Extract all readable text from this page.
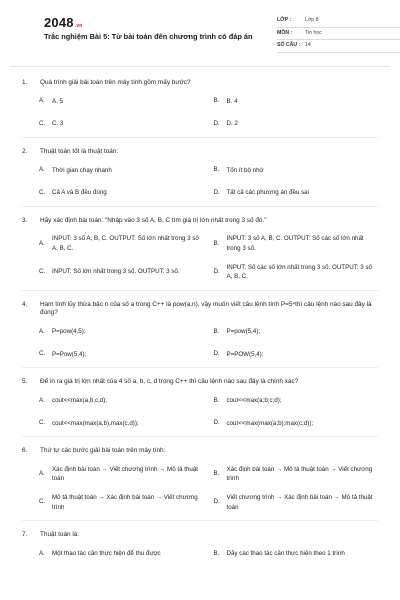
2048.vn
Trắc nghiệm Bài 5: Từ bài toán đến chương trình có đáp án
LỚP :	Lớp 8
MÔN :	Tin học
SỐ CÂU : 14
1.	Quá trình giải bài toán trên máy tính gồm mấy bước?
A.	A. 5	B.	B. 4
C.	C. 3	D.	D. 2
2.	Thuật toán tốt là thuật toán:
A.	Thời gian chạy nhanh	B.	Tốn ít bộ nhớ
C.	Cả A và B đều đúng	D.	Tất cả các phương án đều sai
3.	Hãy xác định bài toán: "Nhập vào 3 số A, B, C tìm giá trị lớn nhất trong 3 số đó."
A.
INPUT: 3 số A, B, C. OUTPUT: Số lớn nhất trong 3 số A, B, C.
B.
INPUT: 3 số A, B, C. OUTPUT: Số các số lớn nhất trong 3 số.
C.	INPUT: Số lớn nhất trong 3 số. OUTPUT: 3 số.	D.
INPUT: Số các số lớn nhất trong 3 số. OUTPUT: 3 số A, B, C.
4.	Hàm tính lũy thừa bậc n của số a trong C++ là pow(a,n), vậy muốn viết câu lệnh tính P=5⁴thì câu lệnh nào sau đây là đúng?
A.	P=pow(4,5);	B.	P=pow(5,4);
C.	P=Pow(5,4);	D.	P=POW(5,4);
5.	Để in ra giá trị lớn nhất của 4 số a, b, c, d trong C++ thì câu lệnh nào sau đây là chính xác?
A.	cout<<max(a,b,c,d);	B.	cout<<max(a;b;c;d);
C.	cout<<max(max(a,b),max(c,d));	D.	cout<<max(max(a;b);max(c;d));
6.	Thứ tự các bước giải bài toán trên máy tính:
A.
Xác định bài toán → Viết chương trình → Mô tả thuật toán
B.
Xác định bài toán → Mô tả thuật toán → Viết chương trình
C.
Mô tả thuật toán → Xác định bài toán → Viết chương trình
D.
Viết chương trình → Xác định bài toán → Mô tả thuật toán
7.	Thuật toán là:
A.	Một thao tác cần thực hiện để thu được	B.	Dãy các thao tác cần thực hiện theo 1 trình
